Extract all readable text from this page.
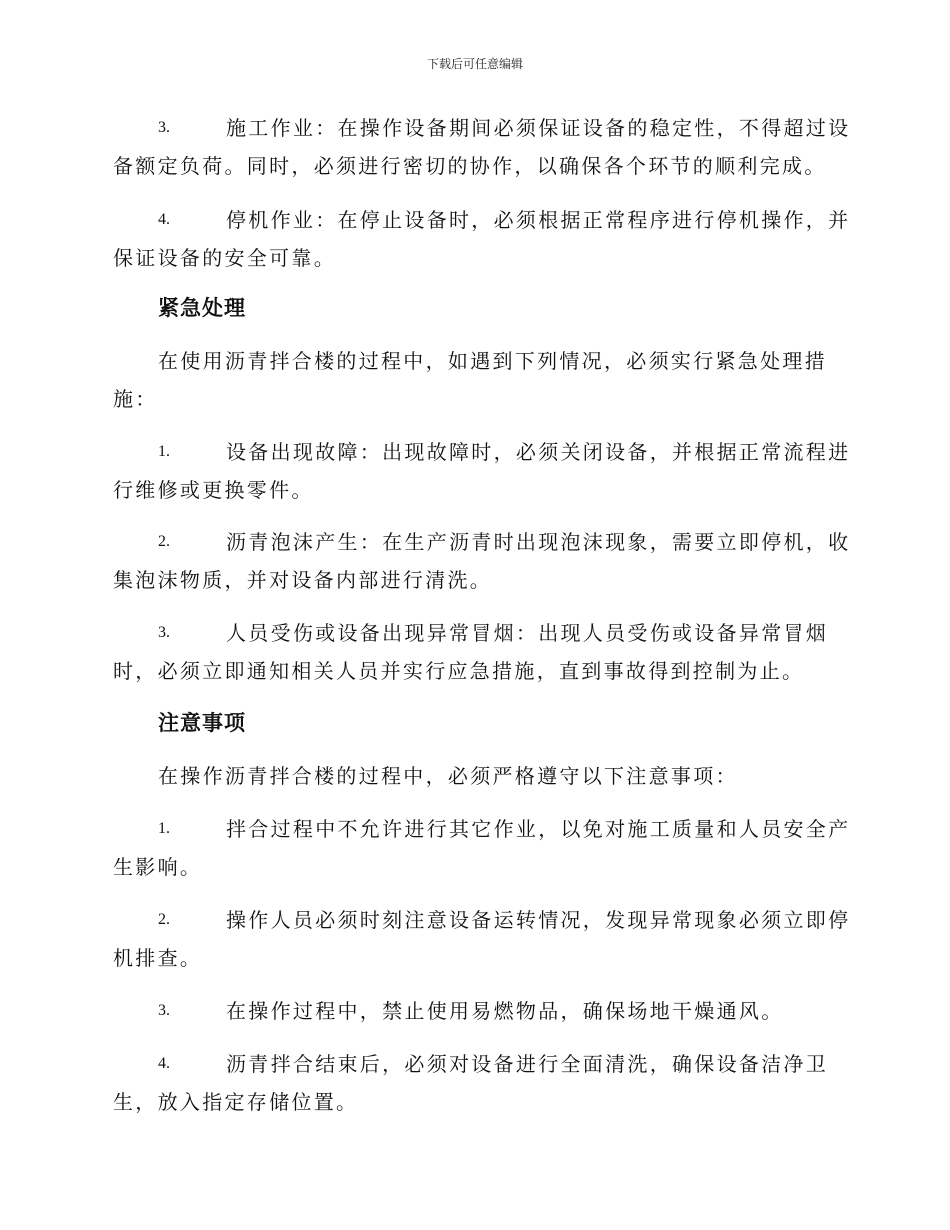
下载后可任意编辑
3.	施工作业：在操作设备期间必须保证设备的稳定性，不得超过设
备额定负荷。同时，必须进行密切的协作，以确保各个环节的顺利完成。
4.	停机作业：在停止设备时，必须根据正常程序进行停机操作，并
保证设备的安全可靠。
紧急处理
在使用沥青拌合楼的过程中，如遇到下列情况，必须实行紧急处理措
施：
1.	设备出现故障：出现故障时，必须关闭设备，并根据正常流程进
行维修或更换零件。
2.	沥青泡沫产生：在生产沥青时出现泡沫现象，需要立即停机，收
集泡沫物质，并对设备内部进行清洗。
3.	人员受伤或设备出现异常冒烟：出现人员受伤或设备异常冒烟
时，必须立即通知相关人员并实行应急措施，直到事故得到控制为止。
注意事项
在操作沥青拌合楼的过程中，必须严格遵守以下注意事项：
1.	拌合过程中不允许进行其它作业，以免对施工质量和人员安全产
生影响。
2.	操作人员必须时刻注意设备运转情况，发现异常现象必须立即停
机排查。
3.	在操作过程中，禁止使用易燃物品，确保场地干燥通风。
4.	沥青拌合结束后，必须对设备进行全面清洗，确保设备洁净卫
生，放入指定存储位置。
